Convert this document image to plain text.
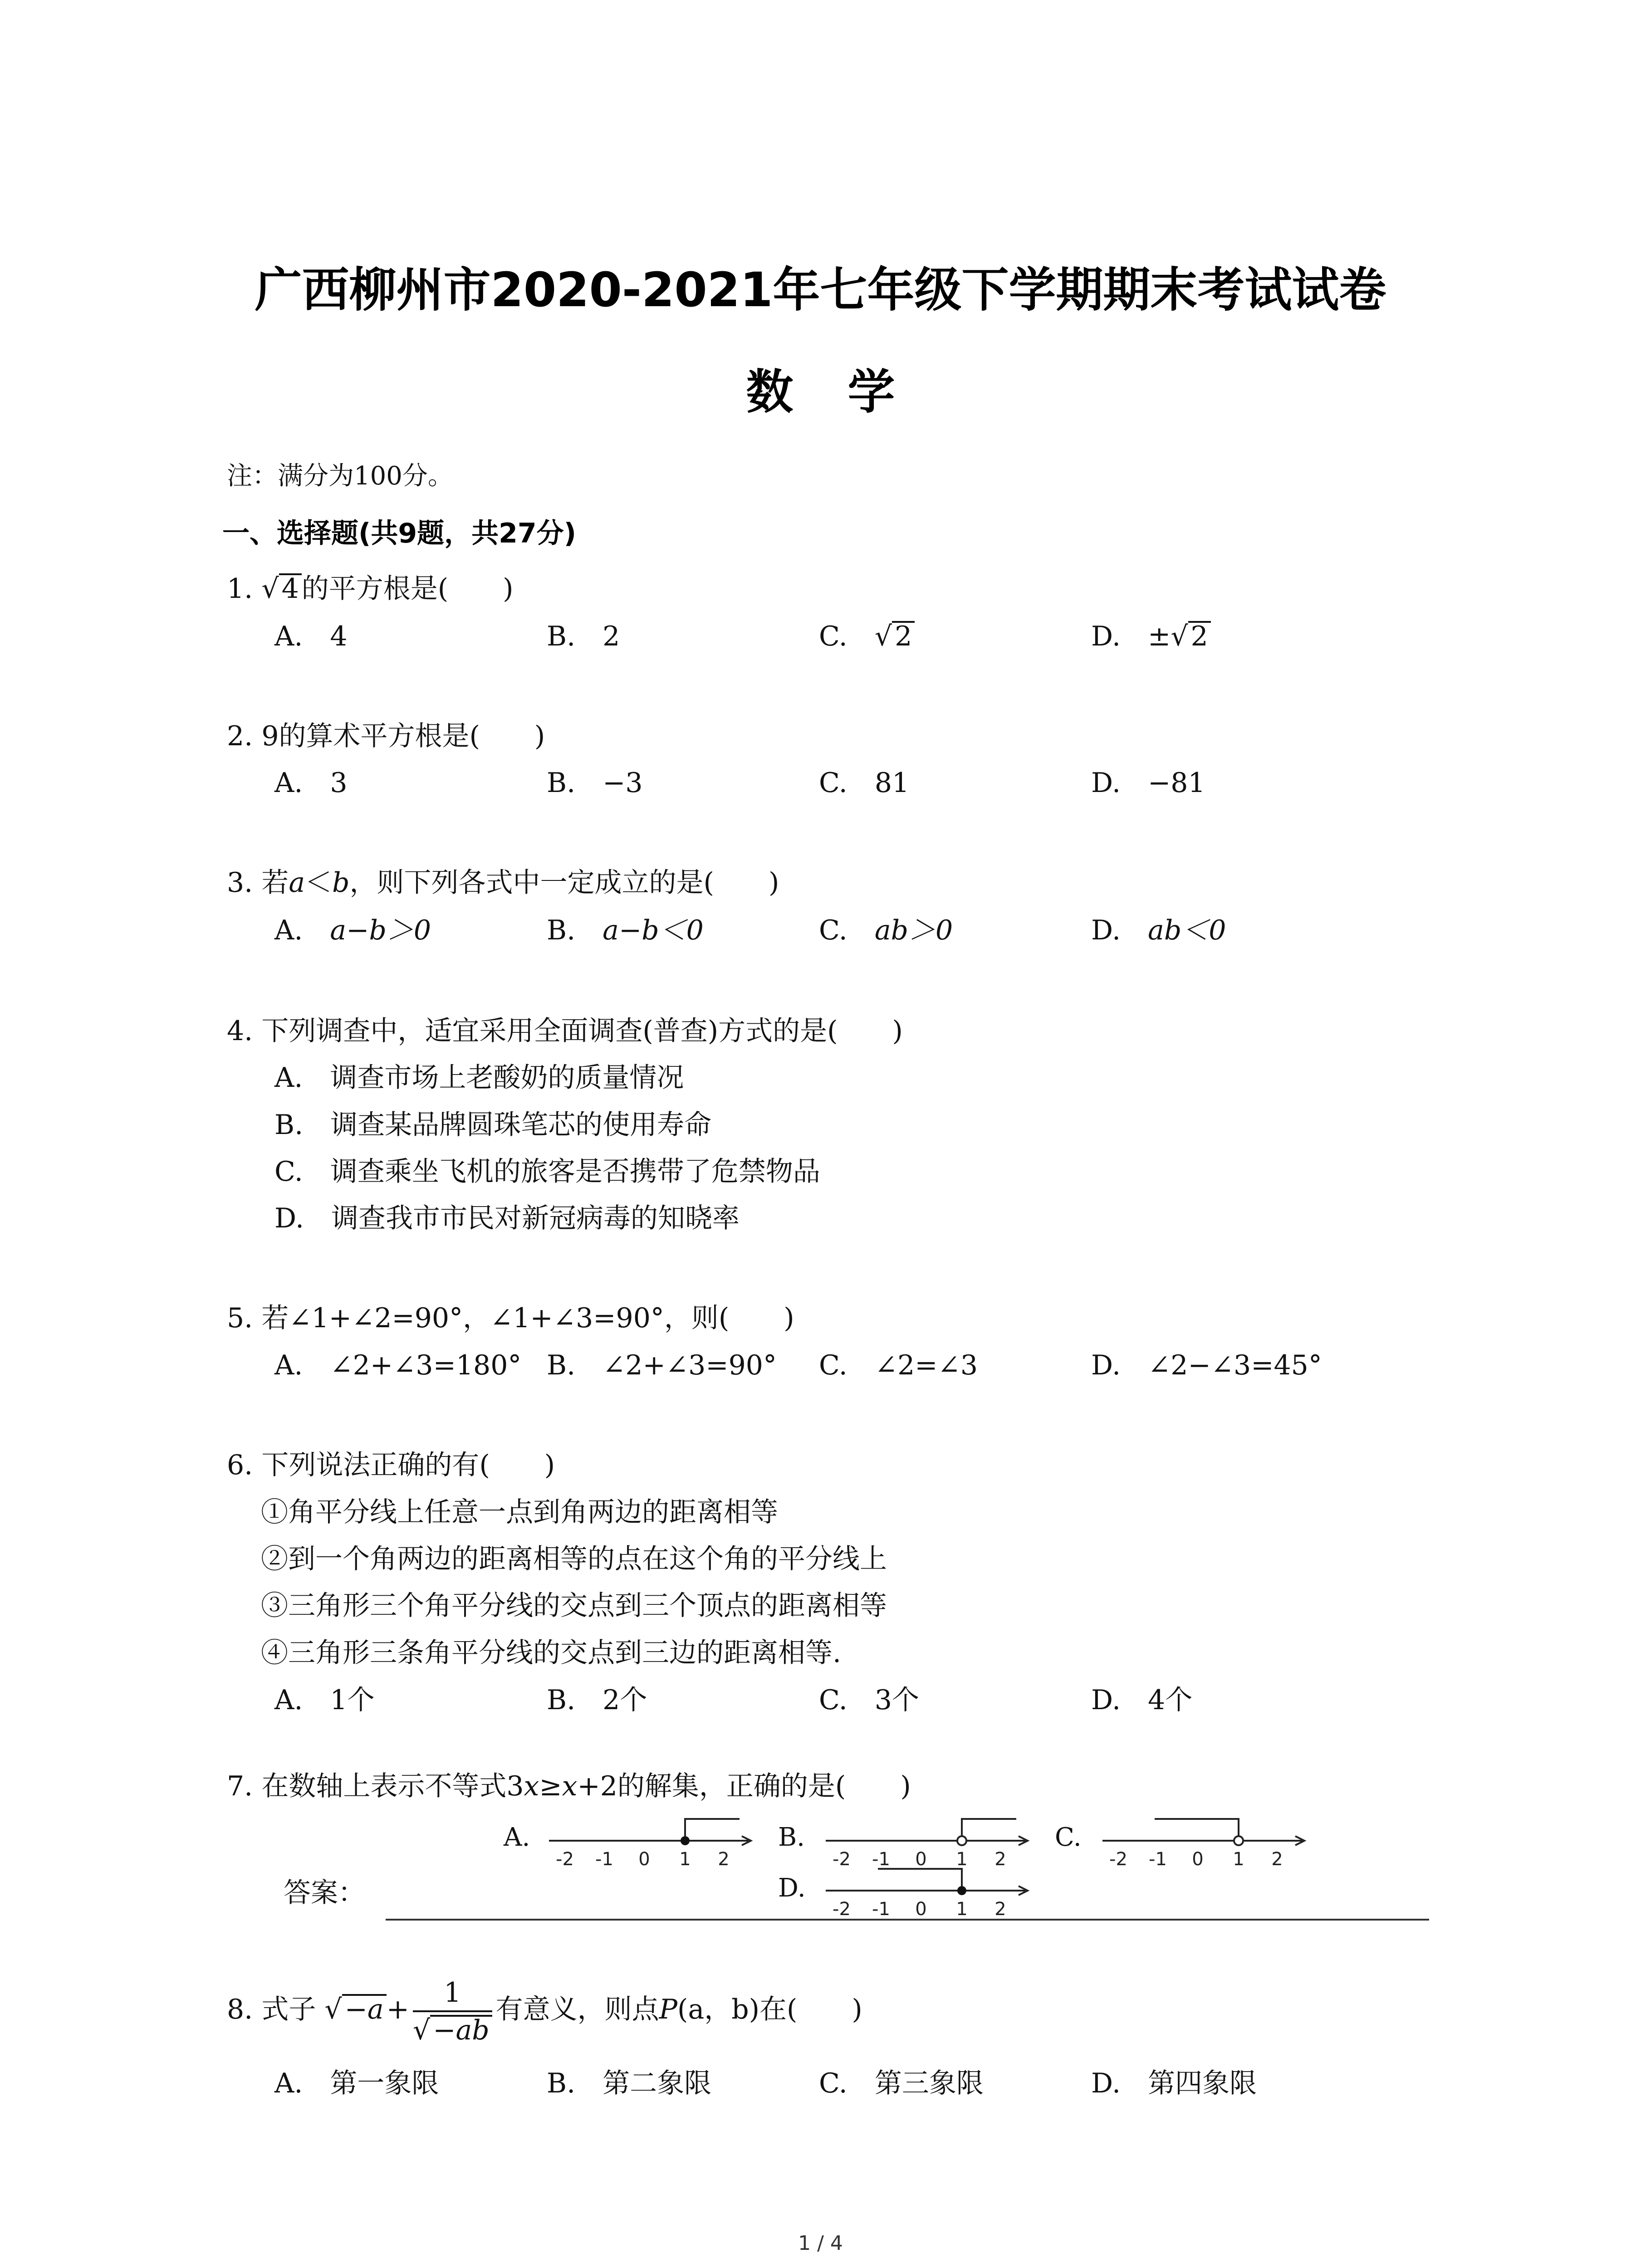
广西柳州市2020-2021年七年级下学期期末考试试卷
数学
注：满分为100分。
一、选择题(共9题，共27分)
1. √ 4 的平方根是(　　)
A.　4	B.　2	C.　√ 2	D.　±√ 2
2. 9的算术平方根是(　　)
A.　3	B.　−3	C.　81	D.　−81
3. 若a＜b，则下列各式中一定成立的是(　　)
A.　a−b＞0	B.　a−b＜0	C.　ab＞0	D.　ab＜0
4. 下列调查中，适宜采用全面调查(普查)方式的是(　　)
A.　调查市场上老酸奶的质量情况
B.　调查某品牌圆珠笔芯的使用寿命
C.　调查乘坐飞机的旅客是否携带了危禁物品
D.　调查我市市民对新冠病毒的知晓率
5. 若∠1+∠2=90°，∠1+∠3=90°，则(　　)
A.　∠2+∠3=180° B.　∠2+∠3=90° C.　∠2=∠3	D.　∠2−∠3=45°
6. 下列说法正确的有(　　)
①角平分线上任意一点到角两边的距离相等
②到一个角两边的距离相等的点在这个角的平分线上
③三角形三个角平分线的交点到三个顶点的距离相等
④三角形三条角平分线的交点到三边的距离相等.
A.　1个	B.　2个	C.　3个	D.　4个
7. 在数轴上表示不等式3x≥x+2的解集，正确的是(　　)
A.	B.	C.
D.
-2 -1 0 1 2	-2 -1 0 1 2	-2 -1 0 1 2
-2 -1 0 1 2
答案：
8. 式子 √ $-a + \frac{1}{√ -ab}$ 有意义，则点P(a，b)在(　　)
A.　第一象限	B.　第二象限	C.　第三象限	D.　第四象限
1 / 4
